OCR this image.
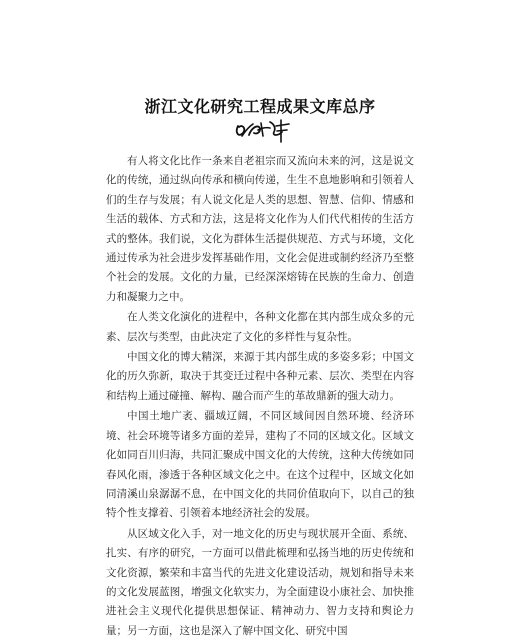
浙江文化研究工程成果文库总序

有人将文化比作一条来自老祖宗而又流向未来的河，这是说文化的传统，通过纵向传承和横向传递，生生不息地影响和引领着人们的生存与发展；有人说文化是人类的思想、智慧、信仰、情感和生活的载体、方式和方法，这是将文化作为人们代代相传的生活方式的整体。我们说，文化为群体生活提供规范、方式与环境，文化通过传承为社会进步发挥基础作用，文化会促进或制约经济乃至整个社会的发展。文化的力量，已经深深熔铸在民族的生命力、创造力和凝聚力之中。

在人类文化演化的进程中，各种文化都在其内部生成众多的元素、层次与类型，由此决定了文化的多样性与复杂性。

中国文化的博大精深，来源于其内部生成的多姿多彩；中国文化的历久弥新，取决于其变迁过程中各种元素、层次、类型在内容和结构上通过碰撞、解构、融合而产生的革故鼎新的强大动力。

中国土地广袤、疆域辽阔，不同区域间因自然环境、经济环境、社会环境等诸多方面的差异，建构了不同的区域文化。区域文化如同百川归海，共同汇聚成中国文化的大传统，这种大传统如同春风化雨，渗透于各种区域文化之中。在这个过程中，区域文化如同清溪山泉潺潺不息，在中国文化的共同价值取向下，以自己的独特个性支撑着、引领着本地经济社会的发展。

从区域文化入手，对一地文化的历史与现状展开全面、系统、扎实、有序的研究，一方面可以借此梳理和弘扬当地的历史传统和文化资源，繁荣和丰富当代的先进文化建设活动，规划和指导未来的文化发展蓝图，增强文化软实力，为全面建设小康社会、加快推进社会主义现代化提供思想保证、精神动力、智力支持和舆论力量；另一方面，这也是深入了解中国文化、研究中国
